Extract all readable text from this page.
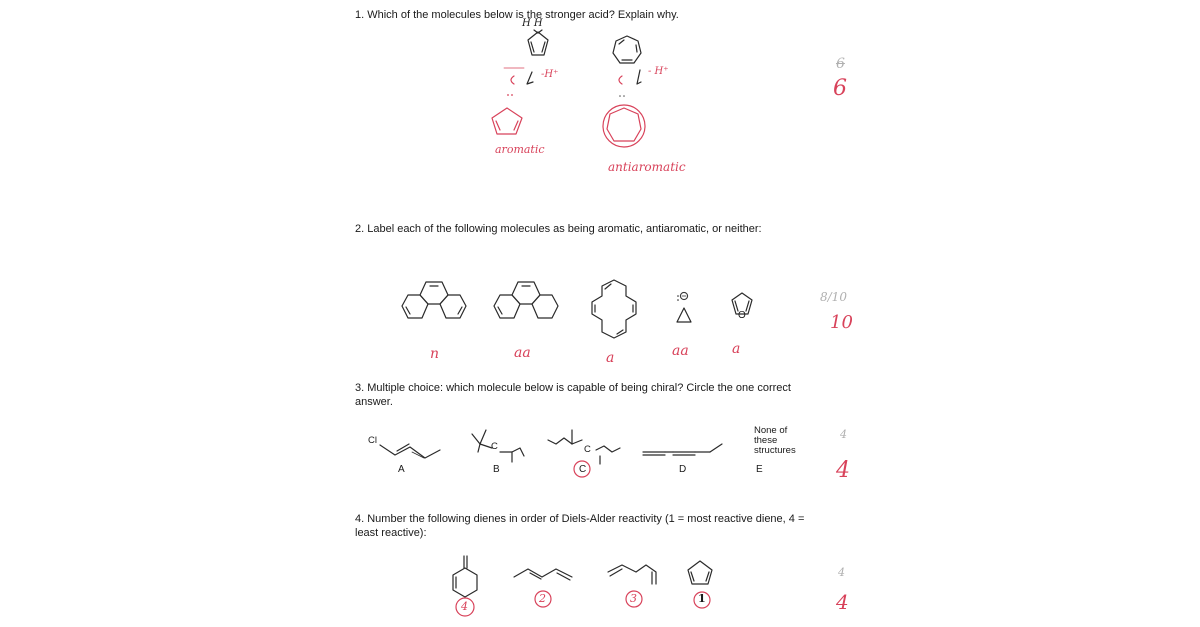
1. Which of the molecules below is the stronger acid? Explain why.

H H
-H⁺	- H⁺
aromatic
antiaromatic
6
6

2. Label each of the following molecules as being aromatic, antiaromatic, or neither:

O
n	aa	a	aa	a
8/10
10

3. Multiple choice: which molecule below is capable of being chiral? Circle the one correct

answer.

Cl
C	C
None of
these
structures
A	B	C	D	E
4
4

4. Number the following dienes in order of Diels-Alder reactivity (1 = most reactive diene, 4 =

least reactive):

4
2	3	1
4
4
